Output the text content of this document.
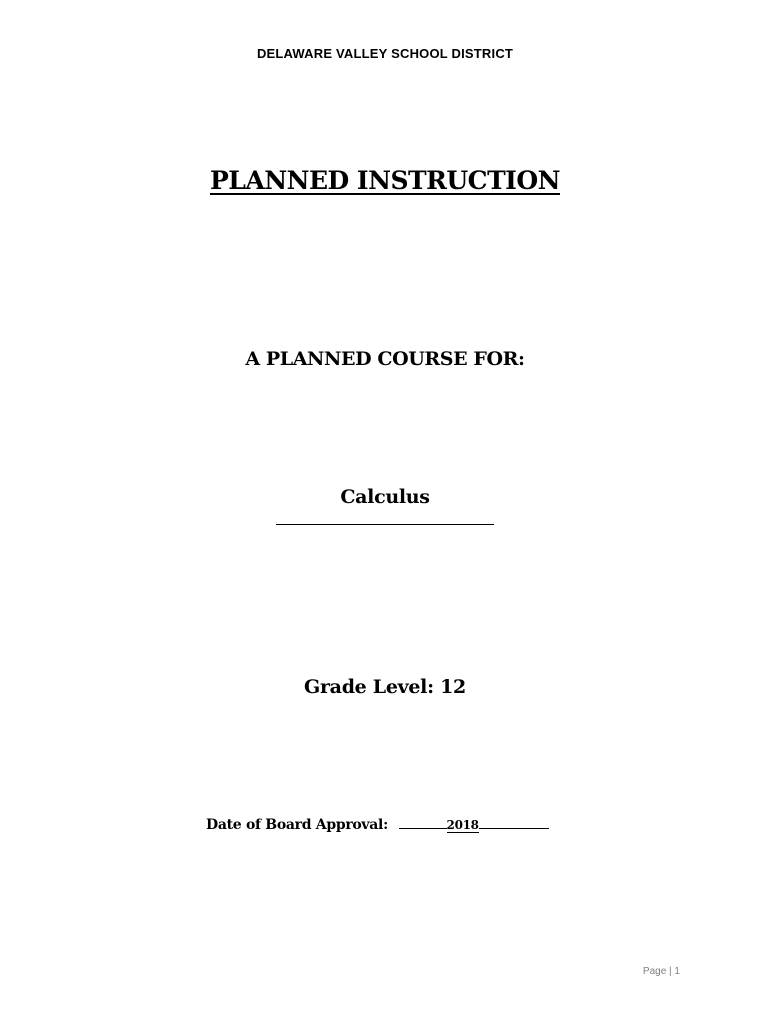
DELAWARE VALLEY SCHOOL DISTRICT
PLANNED INSTRUCTION
A PLANNED COURSE FOR:
Calculus
Grade Level: 12
Date of Board Approval:	2018
Page | 1
